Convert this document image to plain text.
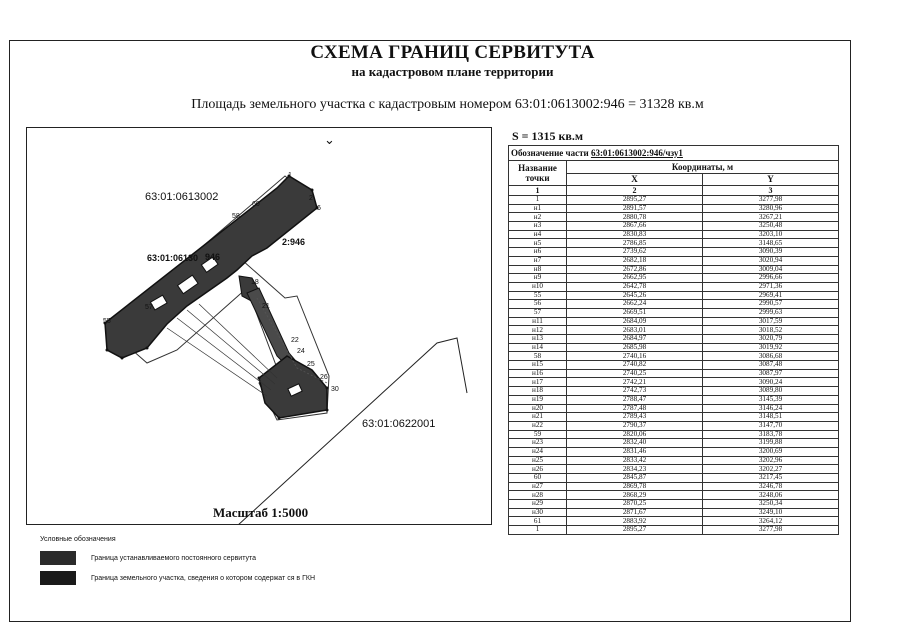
СХЕМА ГРАНИЦ СЕРВИТУТА
на кадастровом плане территории
Площадь земельного участка с кадастровым номером 63:01:0613002:946 = 31328 кв.м
63:01:0613002
63:01:0622001
63:01:06130 946
2:946
⌄
1
2
6
18
21
22
24
25
26
30
55
57
58
60
Масштаб 1:5000
Условные обозначения
Граница устанавливаемого постоянного сервитута
Граница земельного участка, сведения о котором содержат ся в ГКН
S = 1315 кв.м
Обозначение части 63:01:0613002:946/чзу1		
Название точки	Координаты, м	
	X	Y
1	2	3
1	2895,27	3277,98
н1	2891,57	3280,96
н2	2880,78	3267,21
н3	2867,66	3250,48
н4	2830,83	3203,10
н5	2786,85	3148,65
н6	2739,62	3090,39
н7	2682,18	3020,94
н8	2672,86	3009,04
н9	2662,95	2996,66
н10	2642,78	2971,36
55	2645,26	2969,41
56	2662,24	2990,57
57	2669,51	2999,63
н11	2684,09	3017,59
н12	2683,01	3018,52
н13	2684,97	3020,79
н14	2685,98	3019,92
58	2740,16	3086,68
н15	2740,82	3087,48
н16	2740,25	3087,97
н17	2742,21	3090,24
н18	2742,73	3089,80
н19	2788,47	3145,39
н20	2787,48	3146,24
н21	2789,43	3148,51
н22	2790,37	3147,70
59	2820,06	3183,78
н23	2832,40	3199,88
н24	2831,46	3200,69
н25	2833,42	3202,96
н26	2834,23	3202,27
60	2845,87	3217,45
н27	2869,78	3246,78
н28	2868,29	3248,06
н29	2870,25	3250,34
н30	2871,67	3249,10
61	2883,92	3264,12
1	2895,27	3277,98
